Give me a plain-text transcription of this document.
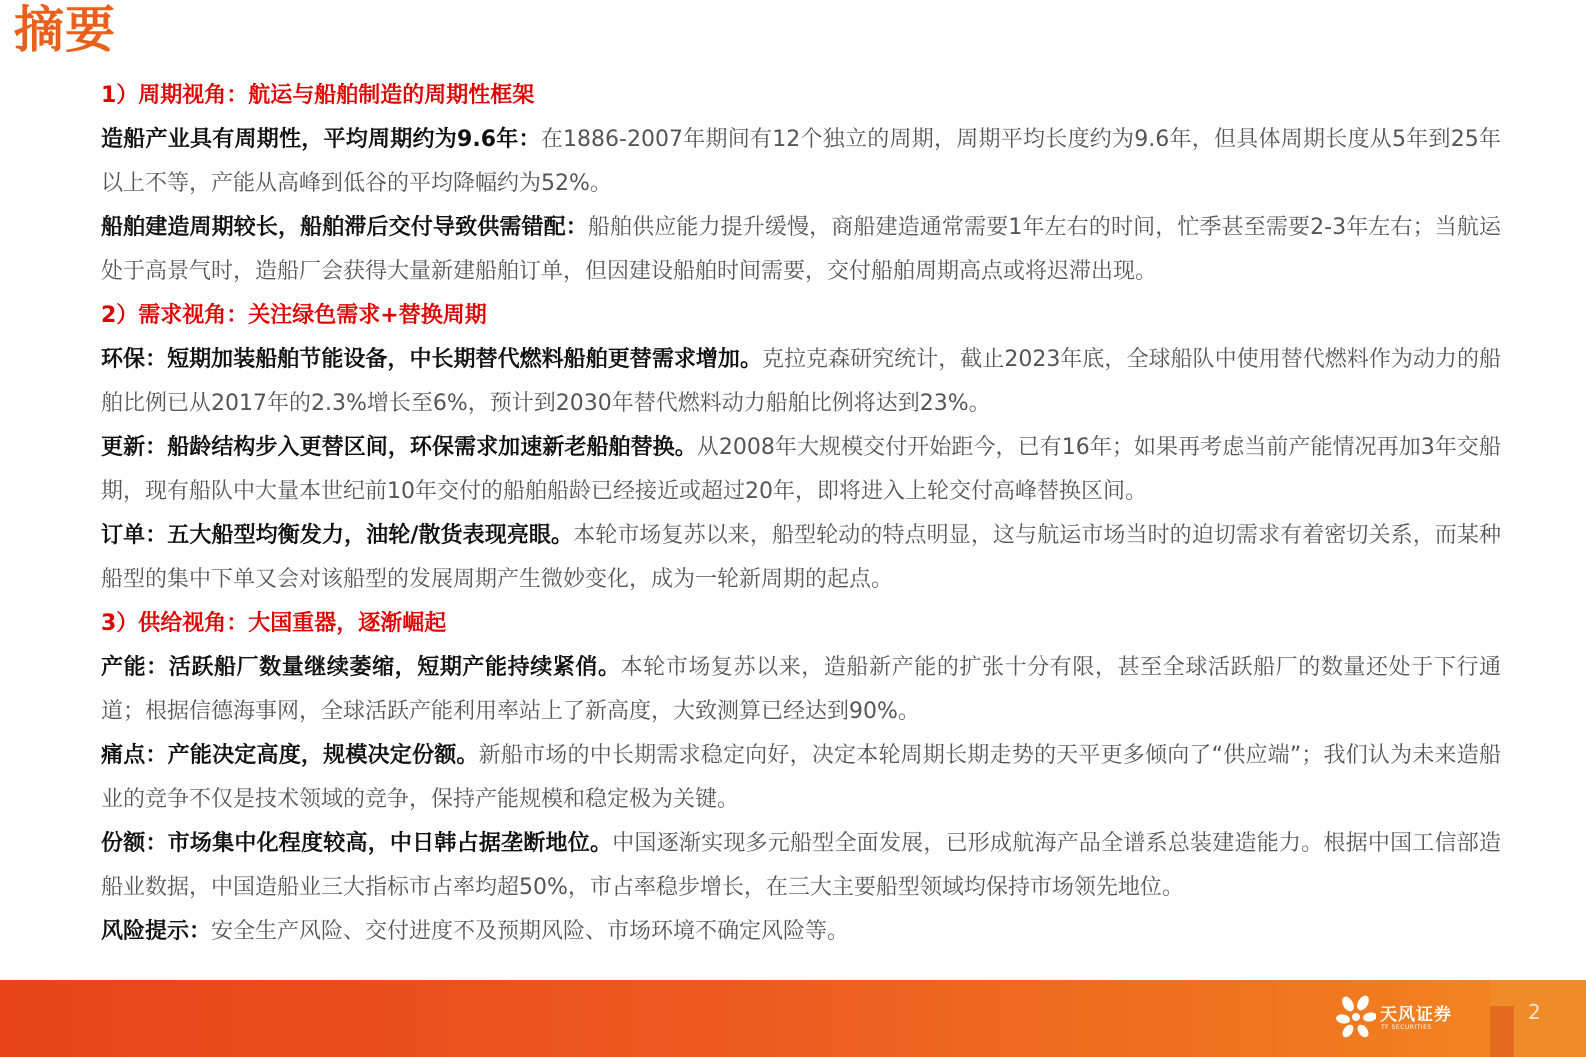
摘要
1）周期视角：航运与船舶制造的周期性框架

造船产业具有周期性，平均周期约为9.6年：在1886-2007年期间有12个独立的周期，周期平均长度约为9.6年，但具体周期长度从5年到25年以上不等，产能从高峰到低谷的平均降幅约为52%。

船舶建造周期较长，船舶滞后交付导致供需错配：船舶供应能力提升缓慢，商船建造通常需要1年左右的时间，忙季甚至需要2-3年左右；当航运处于高景气时，造船厂会获得大量新建船舶订单，但因建设船舶时间需要，交付船舶周期高点或将迟滞出现。

2）需求视角：关注绿色需求+替换周期

环保：短期加装船舶节能设备，中长期替代燃料船舶更替需求增加。克拉克森研究统计，截止2023年底，全球船队中使用替代燃料作为动力的船舶比例已从2017年的2.3%增长至6%，预计到2030年替代燃料动力船舶比例将达到23%。

更新：船龄结构步入更替区间，环保需求加速新老船舶替换。从2008年大规模交付开始距今，已有16年；如果再考虑当前产能情况再加3年交船期，现有船队中大量本世纪前10年交付的船舶船龄已经接近或超过20年，即将进入上轮交付高峰替换区间。

订单：五大船型均衡发力，油轮/散货表现亮眼。本轮市场复苏以来，船型轮动的特点明显，这与航运市场当时的迫切需求有着密切关系，而某种船型的集中下单又会对该船型的发展周期产生微妙变化，成为一轮新周期的起点。

3）供给视角：大国重器，逐渐崛起

产能：活跃船厂数量继续萎缩，短期产能持续紧俏。本轮市场复苏以来，造船新产能的扩张十分有限，甚至全球活跃船厂的数量还处于下行通道；根据信德海事网，全球活跃产能利用率站上了新高度，大致测算已经达到90%。

痛点：产能决定高度，规模决定份额。新船市场的中长期需求稳定向好，决定本轮周期长期走势的天平更多倾向了“供应端”；我们认为未来造船业的竞争不仅是技术领域的竞争，保持产能规模和稳定极为关键。

份额：市场集中化程度较高，中日韩占据垄断地位。中国逐渐实现多元船型全面发展，已形成航海产品全谱系总装建造能力。根据中国工信部造船业数据，中国造船业三大指标市占率均超50%，市占率稳步增长，在三大主要船型领域均保持市场领先地位。

风险提示：安全生产风险、交付进度不及预期风险、市场环境不确定风险等。

天风证券
TF SECURITIES
2
